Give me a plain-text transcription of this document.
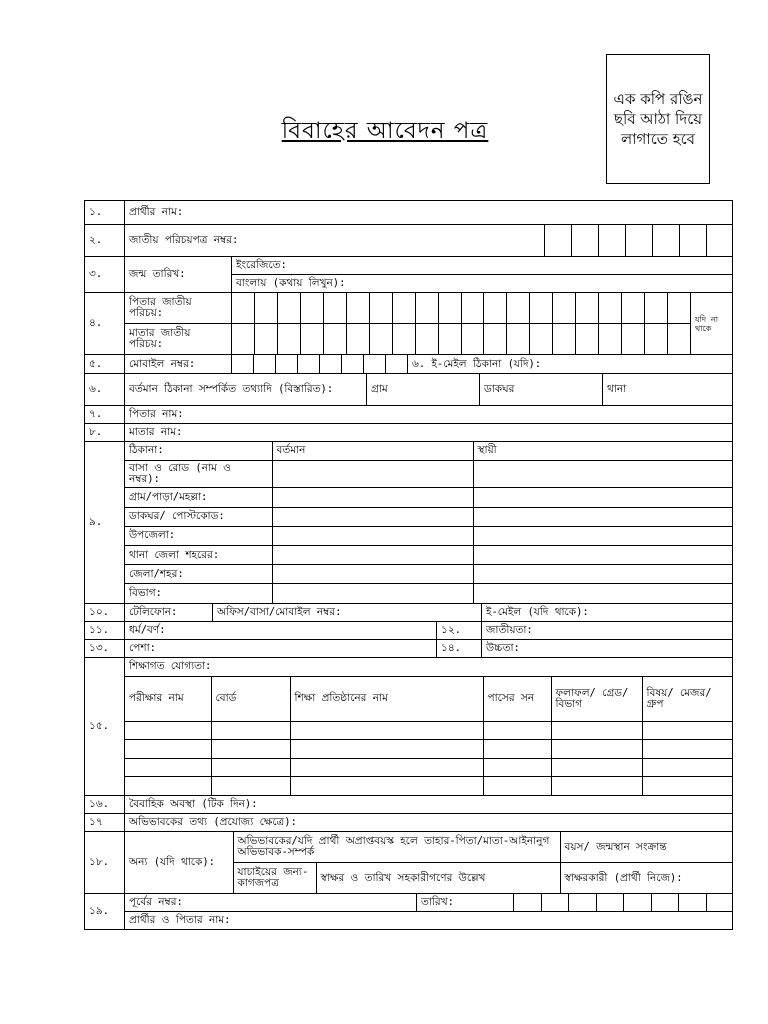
বিবাহের আবেদন পত্র
এক কপি রঙিন ছবি আঠা দিয়ে লাগাতে হবে
১.	প্রার্থীর নাম:
২.		জাতীয় পরিচয়পত্র নম্বর:	

৩.		জন্ম তারিখ:	ইংরেজিতে:
বাংলায় (কথায় লিখুন):

৪.	
পিতার জাতীয় পরিচয়:		যদি না থাকে
মাতার জাতীয় পরিচয়:	

৫.		মোবাইল নম্বর:		৬. ই-মেইল ঠিকানা (যদি):

৬.		বর্তমান ঠিকানা সম্পর্কিত তথ্যাদি (বিস্তারিত):	গ্রাম	ডাকঘর	থানা

৭.	পিতার নাম:
৮.	মাতার নাম:
৯.	
ঠিকানা:	বর্তমান	স্থায়ী
বাসা ও রোড (নাম ও নম্বর):		
গ্রাম/পাড়া/মহল্লা:		
ডাকঘর/ পোস্টকোড:		
উপজেলা:		
থানা জেলা শহরের:		
জেলা/শহর:		
বিভাগ:		

১০.	টেলিফোন:	অফিস/বাসা/মোবাইল নম্বর:	ই-মেইল (যদি থাকে):

১১.	ধর্ম/বর্ণ:	১২.	জাতীয়তা:

১৩.	পেশা:	১৪.	উচ্চতা:

১৫.	
শিক্ষাগত যোগ্যতা:
পরীক্ষার নাম	বোর্ড	শিক্ষা প্রতিষ্ঠানের নাম	পাসের সন	ফলাফল/ গ্রেড/বিভাগ	বিষয়/ মেজর/ গ্রুপ

১৬.	বৈবাহিক অবস্থা (টিক দিন):
১৭	অভিভাবকের তথ্য (প্রযোজ্য ক্ষেত্রে):
১৮.	অন্য (যদি থাকে):	অভিভাবকের/যদি প্রার্থী অপ্রাপ্তবয়স্ক হলে তাহার-পিতা/মাতা-আইনানুগ অভিভাবক-সম্পর্ক	বয়স/ জন্মস্থান সংক্রান্ত
যাচাইয়ের জন্য-কাগজপত্র	স্বাক্ষর ও তারিখ সহকারীগণের উল্লেখ	স্বাক্ষরকারী (প্রার্থী নিজে):

১৯.	
পূর্বের নম্বর:	তারিখ:	

প্রার্থীর ও পিতার নাম:
